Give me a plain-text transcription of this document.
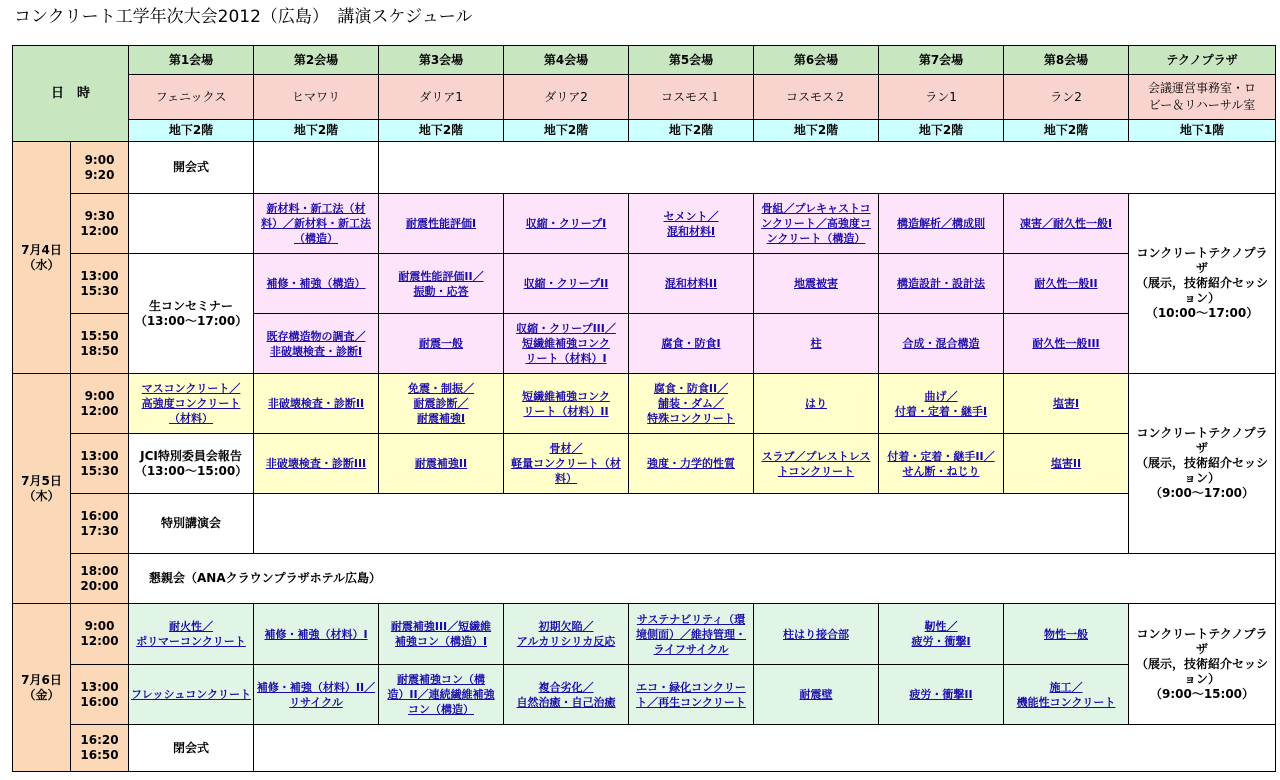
コンクリート工学年次大会2012（広島）　講演スケジュール
日　時		第1会場	第2会場	第3会場	第4会場	第5会場	第6会場	第7会場	第8会場	テクノプラザ
		フェニックス	ヒマワリ	ダリア1	ダリア2	コスモス１	コスモス２	ラン1	ラン2	会議運営事務室・ロ
ビー＆リハーサル室
		地下2階	地下2階	地下2階	地下2階	地下2階	地下2階	地下2階	地下2階	地下1階
7月4日
（水）	9:00
9:20	開会式								
	9:30
12:00		新材料・新工法（材
料）／新材料・新工法
（構造）	耐震性能評価I	収縮・クリープI	セメント／
混和材料I	骨組／プレキャストコ
ンクリート／高強度コ
ンクリート（構造）	構造解析／構成則	凍害／耐久性一般I	コンクリートテクノプラザ
（展示，技術紹介セッション）
（10:00～17:00）
	13:00
15:30	生コンセミナー
（13:00～17:00）	補修・補強（構造）	耐震性能評価II／
振動・応答	収縮・クリープII	混和材料II	地震被害	構造設計・設計法	耐久性一般II	
	15:50
18:50		既存構造物の調査／
非破壊検査・診断I	耐震一般	収縮・クリープIII／
短繊維補強コンク
リート（材料）I	腐食・防食I	柱	合成・混合構造	耐久性一般III	
7月5日
（木）	9:00
12:00	マスコンクリート／
高強度コンクリート
（材料）	非破壊検査・診断II	免震・制振／
耐震診断／
耐震補強I	短繊維補強コンク
リート（材料）II	腐食・防食II／
舗装・ダム／
特殊コンクリート	はり	曲げ／
付着・定着・継手I	塩害I	コンクリートテクノプラザ
（展示，技術紹介セッション）
（9:00～17:00）
	13:00
15:30	JCI特別委員会報告
（13:00～15:00）	非破壊検査・診断III	耐震補強II	骨材／
軽量コンクリート（材
料）	強度・力学的性質	スラブ／プレストレス
トコンクリート	付着・定着・継手II／
せん断・ねじり	塩害II	
	16:00
17:30	特別講演会								
	18:00
20:00	懇親会（ANAクラウンプラザホテル広島）								
7月6日
（金）	9:00
12:00	耐火性／
ポリマーコンクリート	補修・補強（材料）I	耐震補強III／短繊維
補強コン（構造）I	初期欠陥／
アルカリシリカ反応	サステナビリティ（環
境側面）／維持管理・
ライフサイクル	柱はり接合部	靭性／
疲労・衝撃I	物性一般	コンクリートテクノプラザ
（展示，技術紹介セッション）
（9:00～15:00）
	13:00
16:00	フレッシュコンクリート	補修・補強（材料）II／
リサイクル	耐震補強コン（構
造）II／連続繊維補強
コン（構造）	複合劣化／
自然治癒・自己治癒	エコ・緑化コンクリー
ト／再生コンクリート	耐震壁	疲労・衝撃II	施工／
機能性コンクリート	
	16:20
16:50	閉会式								
